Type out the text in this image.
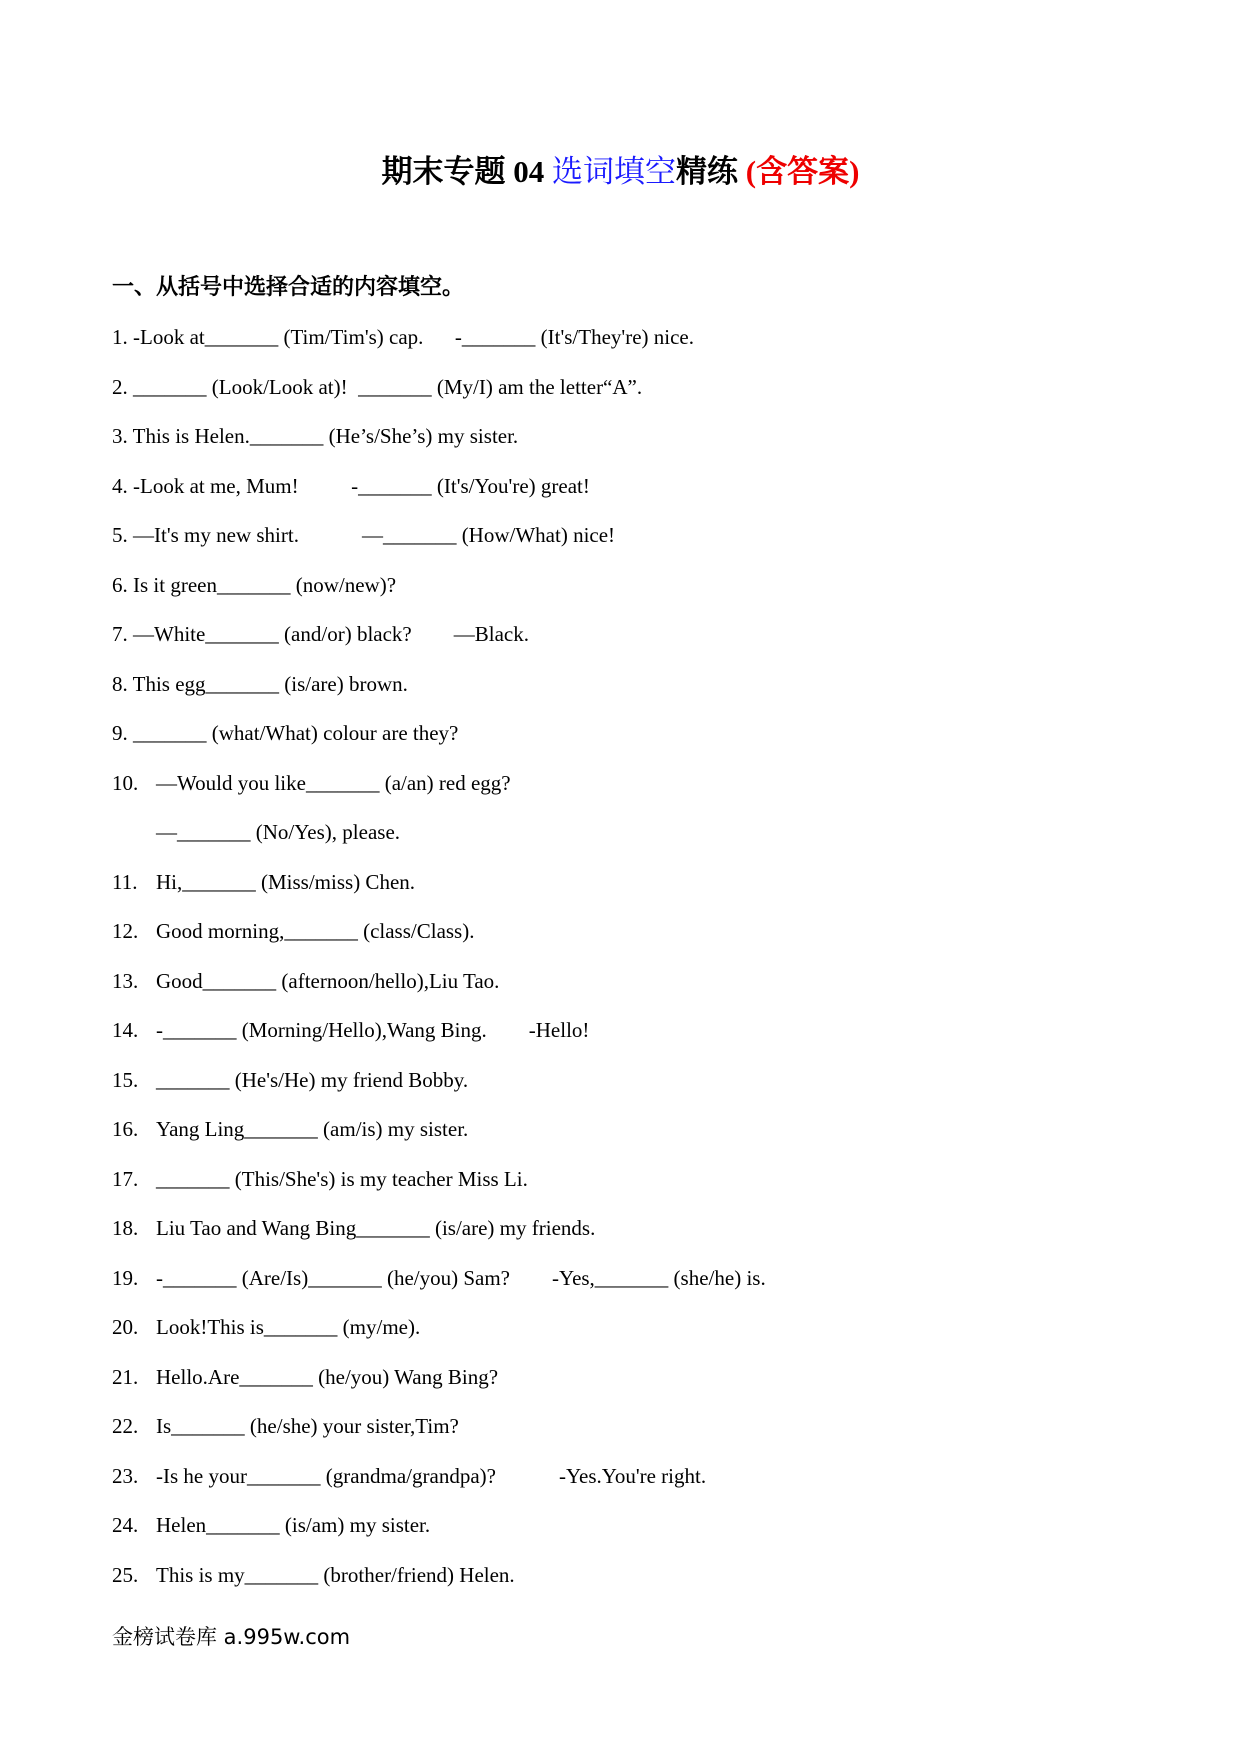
期末专题 04 选词填空精练 (含答案)
一、从括号中选择合适的内容填空。
1. -Look at_______ (Tim/Tim's) cap.      -_______ (It's/They're) nice.
2. _______ (Look/Look at)!  _______ (My/I) am the letter“A”.
3. This is Helen._______ (He’s/She’s) my sister.
4. -Look at me, Mum!          -_______ (It's/You're) great!
5. —It's my new shirt.            —_______ (How/What) nice!
6. Is it green_______ (now/new)?
7. —White_______ (and/or) black?        —Black.
8. This egg_______ (is/are) brown.
9. _______ (what/What) colour are they?
10. —Would you like_______ (a/an) red egg?
—_______ (No/Yes), please.
11. Hi,_______ (Miss/miss) Chen.
12. Good morning,_______ (class/Class).
13. Good_______ (afternoon/hello),Liu Tao.
14. -_______ (Morning/Hello),Wang Bing.        -Hello!
15. _______ (He's/He) my friend Bobby.
16. Yang Ling_______ (am/is) my sister.
17. _______ (This/She's) is my teacher Miss Li.
18. Liu Tao and Wang Bing_______ (is/are) my friends.
19. -_______ (Are/Is)_______ (he/you) Sam?        -Yes,_______ (she/he) is.
20. Look!This is_______ (my/me).
21. Hello.Are_______ (he/you) Wang Bing?
22. Is_______ (he/she) your sister,Tim?
23. -Is he your_______ (grandma/grandpa)?            -Yes.You're right.
24. Helen_______ (is/am) my sister.
25. This is my_______ (brother/friend) Helen.
金榜试卷库 a.995w.com
